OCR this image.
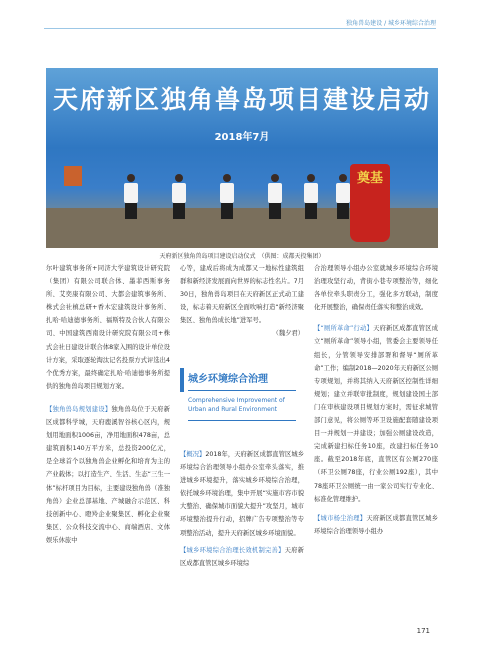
独角兽岛建设 / 城乡环境综合治理
天府新区独角兽岛项目建设启动
2018年7月
奠基
天府新区独角兽岛项目建设启动仪式　（供图：成都天投集团）

尔叶建筑事务所+同济大学建筑设计研究院（集团）有限公司联合体、墨菲西斯事务所、艾奕康有限公司、大都会建筑事务所、株式会社槙总研+香木宏建筑设计事务所、扎哈·哈迪德事务所、福斯特及合伙人有限公司、中国建筑西南设计研究院有限公司+株式会社日建设计联合体8家入围的设计单位设计方案，采取逐轮淘汰记名投票方式评选出4个优秀方案，最终确定扎哈·哈迪德事务所提供的独角兽岛项目规划方案。

【独角兽岛规划建设】独角兽岛位于天府新区成都科学城，天府鹿溪智谷核心区内，规划用地面积1006亩，净用地面积478亩，总建筑面积140万平方米，总投资200亿元，是全球首个以独角兽企业孵化和培育为主的产业载体；以打造生产、生活、生态“三生一体”标杆项目为目标，主要建设独角兽（准独角兽）企业总部基地、产城融合示范区、科技创新中心、瞪羚企业聚集区、孵化企业聚集区、公众科技交流中心、商端酒店、文体娱乐休旅中

心等，建成后将成为成都又一地标性建筑组群和新经济发展面向世界的标志性名片。7月30日，独角兽岛项目在天府新区正式动工建设，标志着天府新区全面吹响打造“新经济聚集区、独角兽成长地”进军号。

（魏夕君）

城乡环境综合治理
Comprehensive Improvement of Urban and Rural Environment

【概况】2018年，天府新区成都直管区城乡环境综合治理领导小组办公室牵头落实，推进城乡环境提升，落实城乡环境综合治理，依托城乡环境治理，集中开展“实施市容市貌大整治、确保城市面貌大提升”攻坚月，城市环境整治提升行动，招牌广告专项整治等专项整治活动，提升天府新区城乡环境面貌。

【城乡环境综合治理长效机制完善】天府新区成都直管区城乡环境综

合治理领导小组办公室就城乡环境综合环境治理攻坚行动，背街小巷专项整治等，细化各单位牵头职责分工，强化多方联动，制度化开展整治，确保责任落实和整治成效。

【“厕所革命”行动】天府新区成都直管区成立“厕所革命”领导小组，管委会主要领导任组长，分管领导安排部署和督导“厕所革命”工作；编制2018—2020年天府新区公厕专项规划，并将其纳入天府新区控制性详细规划；建立并联审批制度，规划建设国土部门在审核建设项目规划方案时，需征求城管部门意见，将公厕等环卫设施配套随建设项目一并规划一并建设；加强公厕建设改造，完成新建扫标任务10座，改建扫标任务10座。截至2018年底，直管区有公厕270座（环卫公厕78座，行业公厕192座），其中78座环卫公厕统一由一家公司实行专业化、标准化管理维护。

【城市杨尘治理】天府新区成都直管区城乡环境综合治理领导小组办

171
